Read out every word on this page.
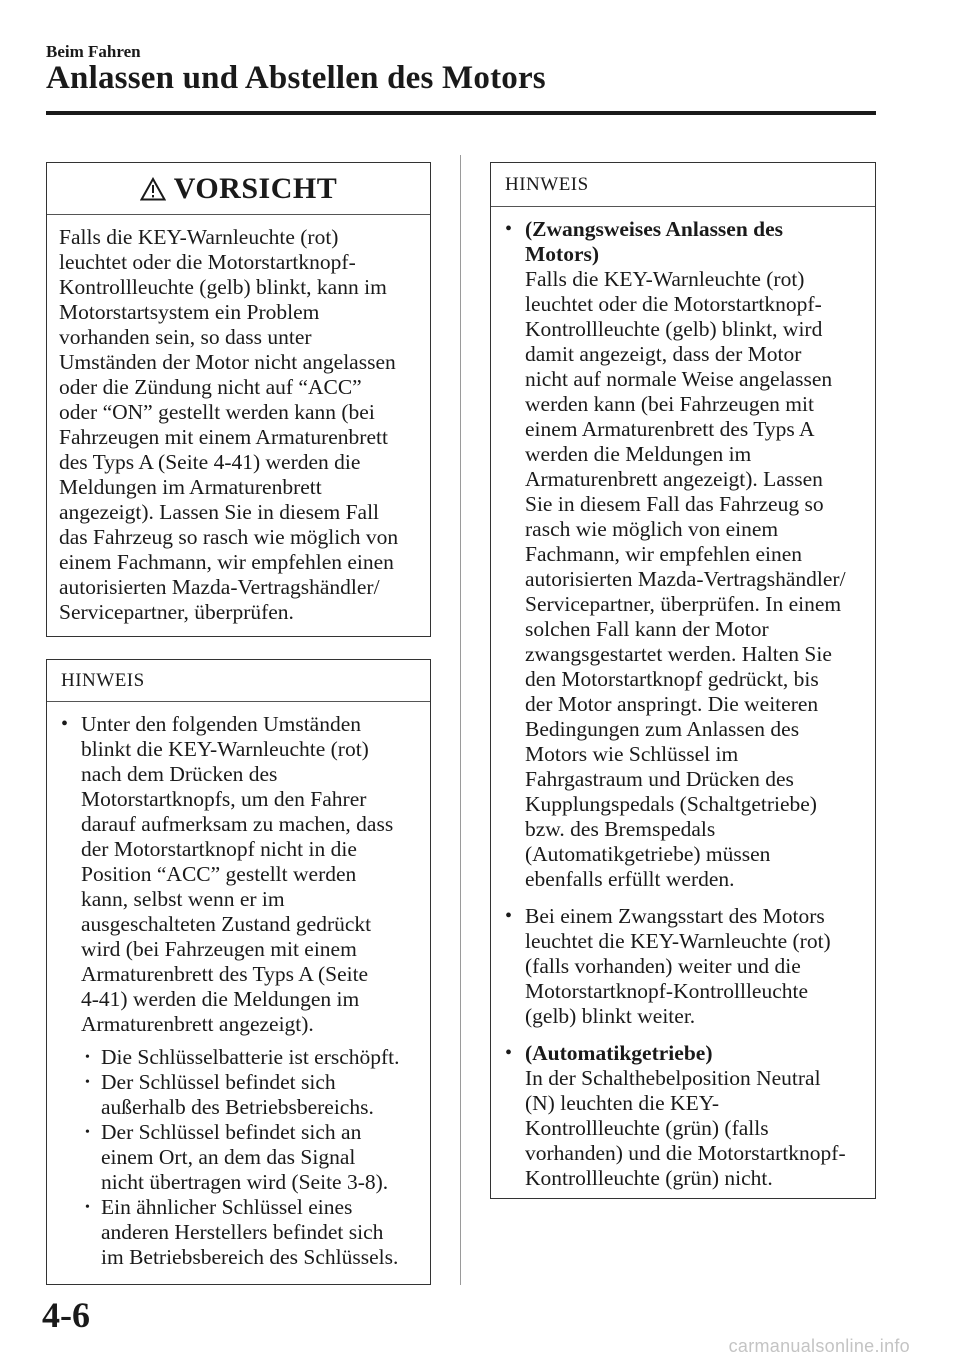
Beim Fahren
Anlassen und Abstellen des Motors
VORSICHT
Falls die KEY-Warnleuchte (rot)
leuchtet oder die Motorstartknopf-
Kontrollleuchte (gelb) blinkt, kann im
Motorstartsystem ein Problem
vorhanden sein, so dass unter
Umständen der Motor nicht angelassen
oder die Zündung nicht auf “ACC”
oder “ON” gestellt werden kann (bei
Fahrzeugen mit einem Armaturenbrett
des Typs A (Seite 4-41) werden die
Meldungen im Armaturenbrett
angezeigt). Lassen Sie in diesem Fall
das Fahrzeug so rasch wie möglich von
einem Fachmann, wir empfehlen einen
autorisierten Mazda-Vertragshändler/
Servicepartner, überprüfen.
HINWEIS
• Unter den folgenden Umständen
blinkt die KEY-Warnleuchte (rot)
nach dem Drücken des
Motorstartknopfs, um den Fahrer
darauf aufmerksam zu machen, dass
der Motorstartknopf nicht in die
Position “ACC” gestellt werden
kann, selbst wenn er im
ausgeschalteten Zustand gedrückt
wird (bei Fahrzeugen mit einem
Armaturenbrett des Typs A (Seite
4-41) werden die Meldungen im
Armaturenbrett angezeigt).
• Die Schlüsselbatterie ist erschöpft.
• Der Schlüssel befindet sich
außerhalb des Betriebsbereichs.
• Der Schlüssel befindet sich an
einem Ort, an dem das Signal
nicht übertragen wird (Seite 3-8).
• Ein ähnlicher Schlüssel eines
anderen Herstellers befindet sich
im Betriebsbereich des Schlüssels.
HINWEIS
• (Zwangsweises Anlassen des
Motors)
Falls die KEY-Warnleuchte (rot)
leuchtet oder die Motorstartknopf-
Kontrollleuchte (gelb) blinkt, wird
damit angezeigt, dass der Motor
nicht auf normale Weise angelassen
werden kann (bei Fahrzeugen mit
einem Armaturenbrett des Typs A
werden die Meldungen im
Armaturenbrett angezeigt). Lassen
Sie in diesem Fall das Fahrzeug so
rasch wie möglich von einem
Fachmann, wir empfehlen einen
autorisierten Mazda-Vertragshändler/
Servicepartner, überprüfen. In einem
solchen Fall kann der Motor
zwangsgestartet werden. Halten Sie
den Motorstartknopf gedrückt, bis
der Motor anspringt. Die weiteren
Bedingungen zum Anlassen des
Motors wie Schlüssel im
Fahrgastraum und Drücken des
Kupplungspedals (Schaltgetriebe)
bzw. des Bremspedals
(Automatikgetriebe) müssen
ebenfalls erfüllt werden.
• Bei einem Zwangsstart des Motors
leuchtet die KEY-Warnleuchte (rot)
(falls vorhanden) weiter und die
Motorstartknopf-Kontrollleuchte
(gelb) blinkt weiter.
• (Automatikgetriebe)
In der Schalthebelposition Neutral
(N) leuchten die KEY-
Kontrollleuchte (grün) (falls
vorhanden) und die Motorstartknopf-
Kontrollleuchte (grün) nicht.
4-6
carmanualsonline.info
